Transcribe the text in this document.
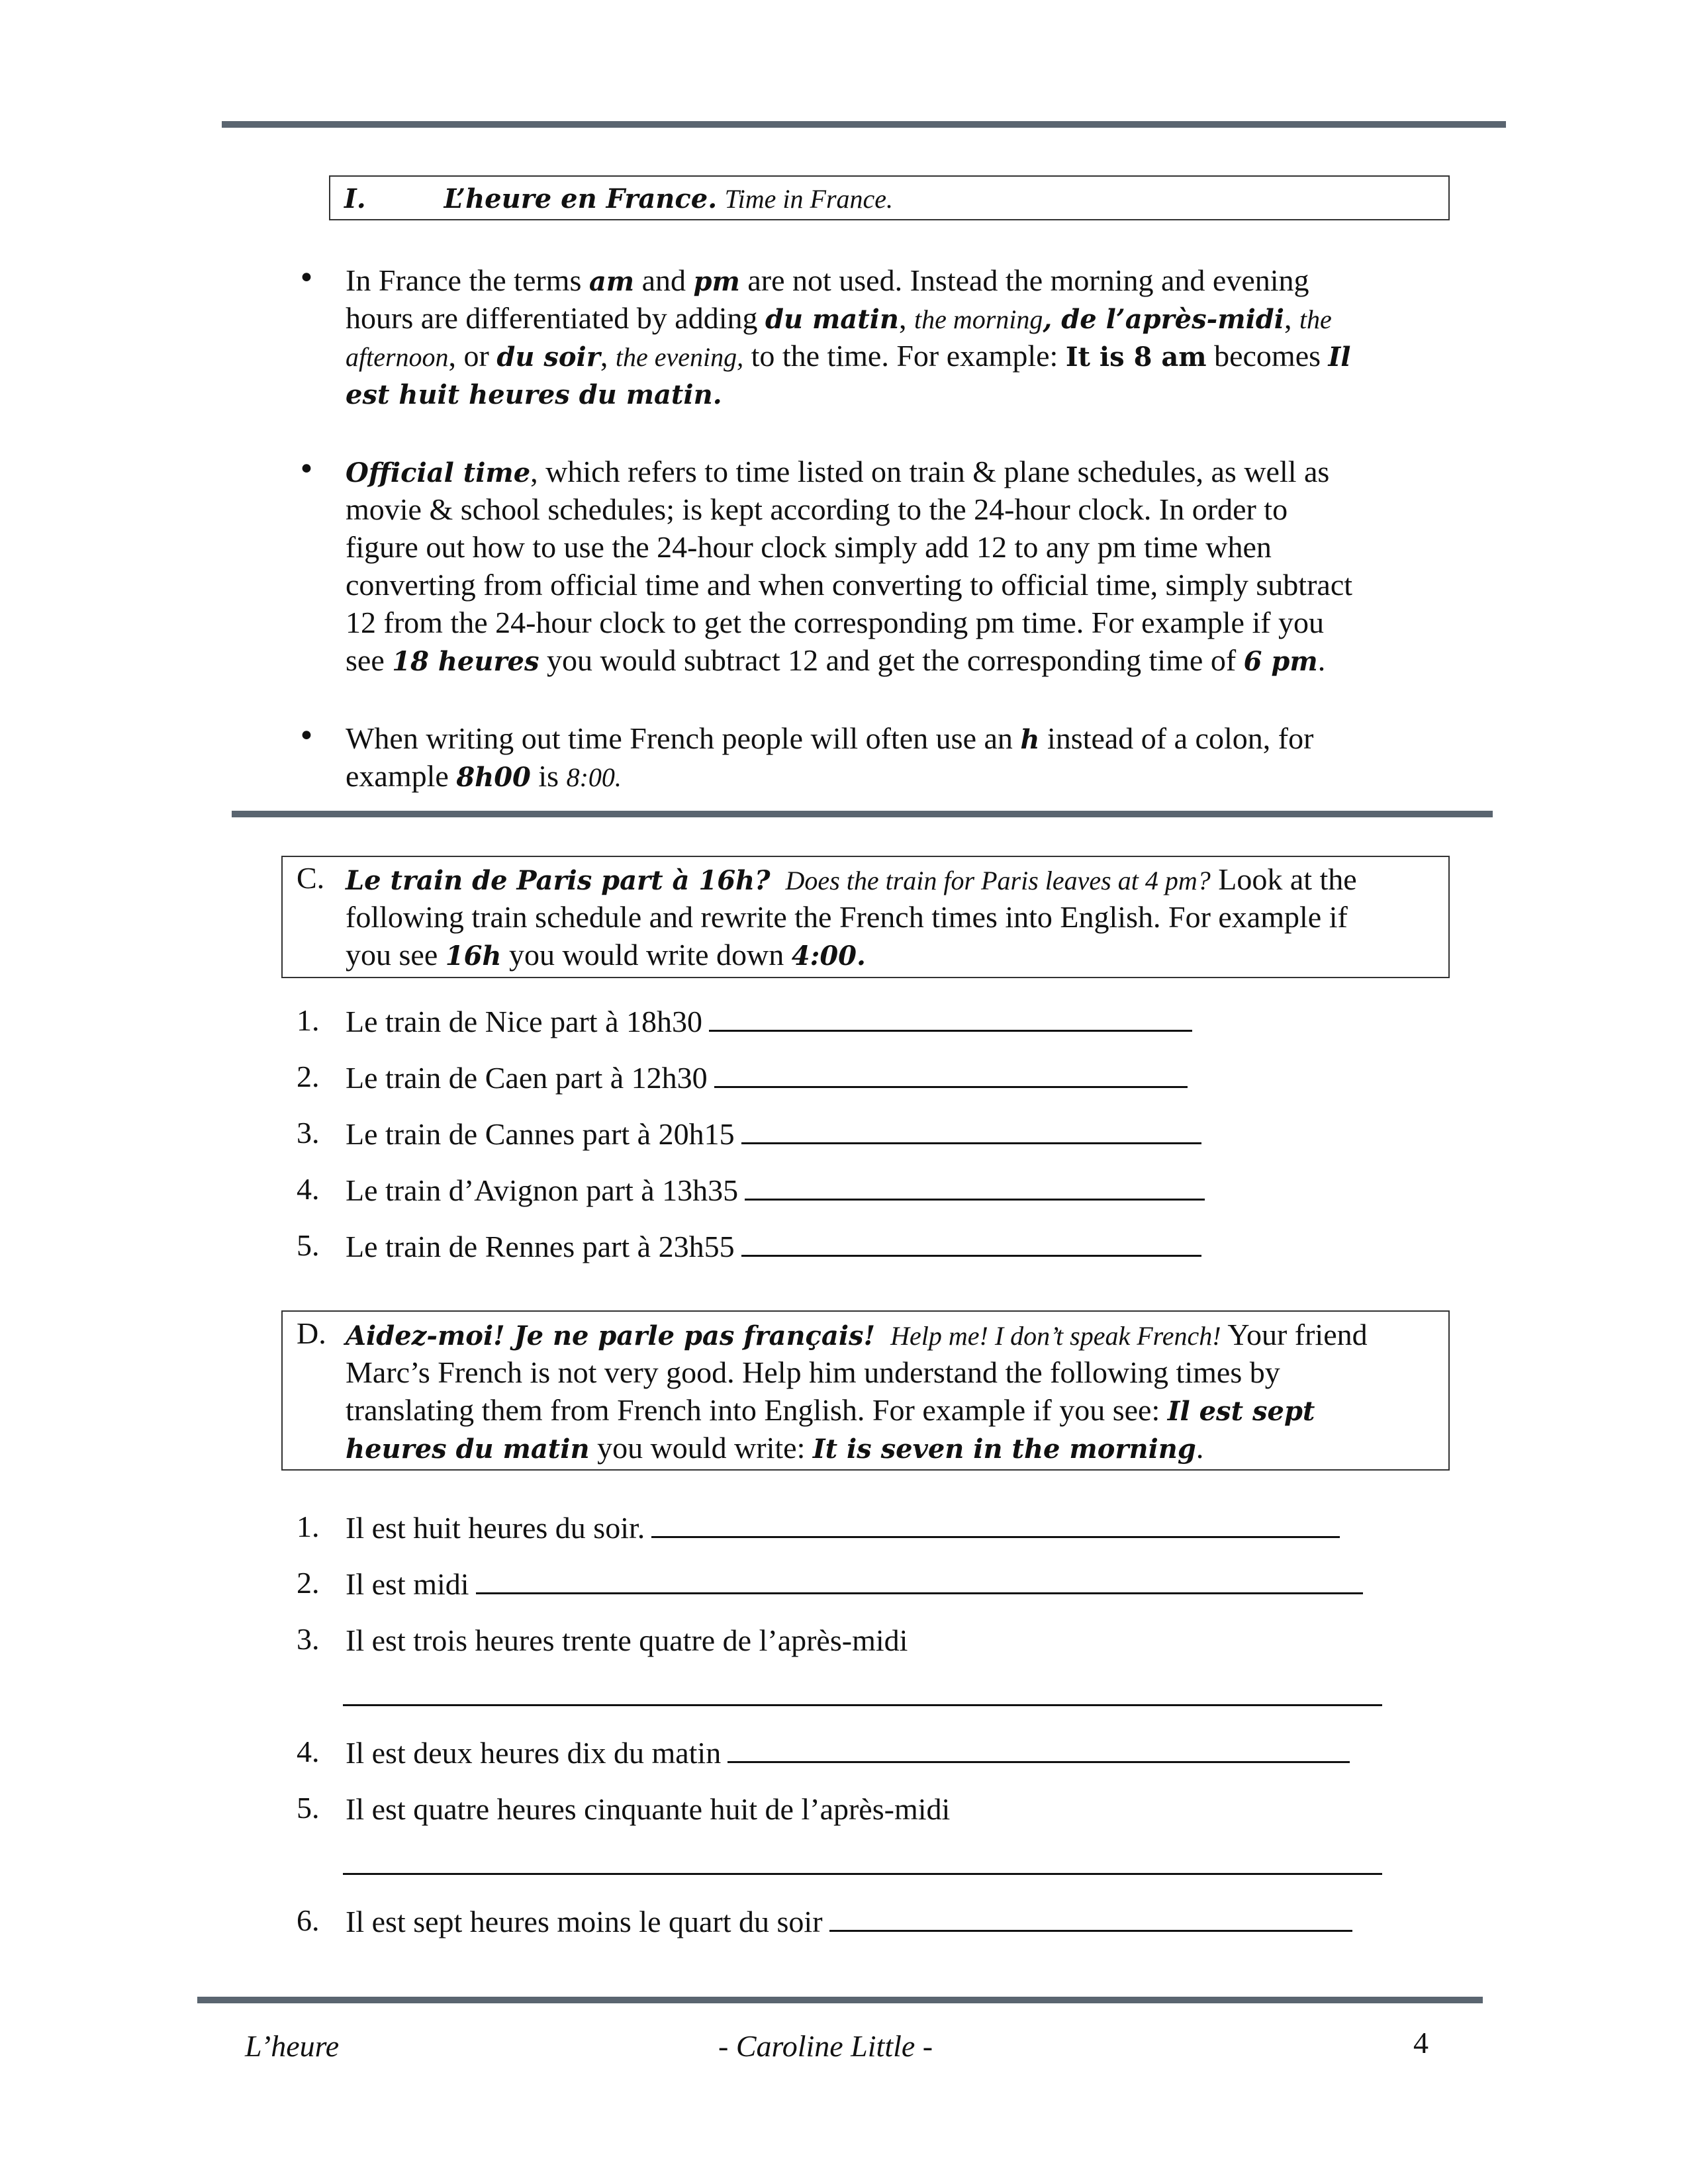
I.	L’heure en France. Time in France.
• In France the terms am and pm are not used. Instead the morning and evening
hours are differentiated by adding du matin, the morning, de l’après-midi, the
afternoon, or du soir, the evening, to the time. For example: It is 8 am becomes Il
est huit heures du matin.
• Official time, which refers to time listed on train & plane schedules, as well as
movie & school schedules; is kept according to the 24-hour clock. In order to
figure out how to use the 24-hour clock simply add 12 to any pm time when
converting from official time and when converting to official time, simply subtract
12 from the 24-hour clock to get the corresponding pm time. For example if you
see 18 heures you would subtract 12 and get the corresponding time of 6 pm.
• When writing out time French people will often use an h instead of a colon, for
example 8h00 is 8:00.
C. Le train de Paris part à 16h? Does the train for Paris leaves at 4 pm? Look at the
following train schedule and rewrite the French times into English. For example if
you see 16h you would write down 4:00.
1. Le train de Nice part à 18h30
2. Le train de Caen part à 12h30
3. Le train de Cannes part à 20h15
4. Le train d’Avignon part à 13h35
5. Le train de Rennes part à 23h55
D. Aidez-moi! Je ne parle pas français! Help me! I don’t speak French! Your friend
Marc’s French is not very good. Help him understand the following times by
translating them from French into English. For example if you see: Il est sept
heures du matin you would write: It is seven in the morning.
1. Il est huit heures du soir.
2. Il est midi
3. Il est trois heures trente quatre de l’après-midi
4. Il est deux heures dix du matin
5. Il est quatre heures cinquante huit de l’après-midi
6. Il est sept heures moins le quart du soir
L’heure	- Caroline Little -	4
